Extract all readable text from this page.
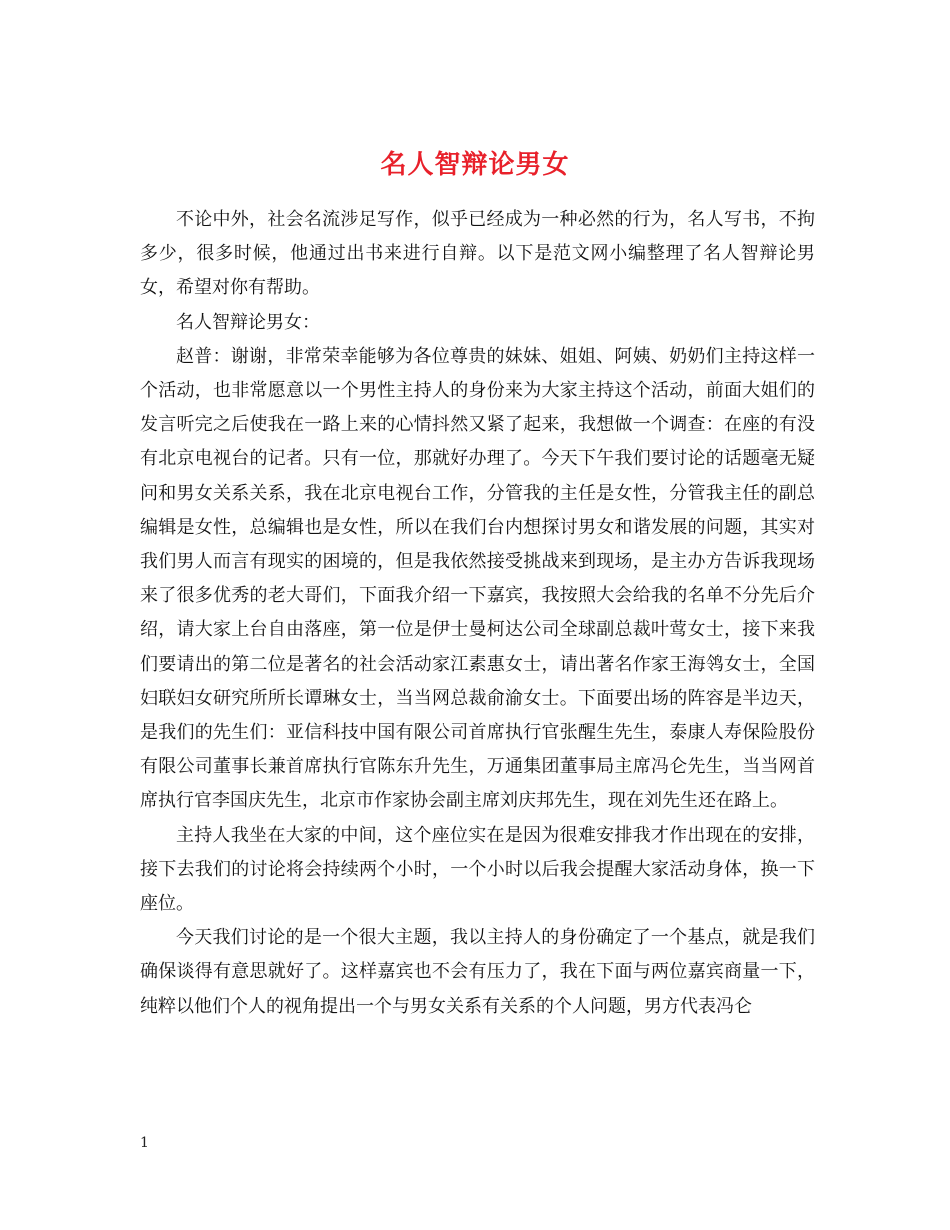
名人智辩论男女

不论中外，社会名流涉足写作，似乎已经成为一种必然的行为，名人写书，不拘多少，很多时候，他通过出书来进行自辩。以下是范文网小编整理了名人智辩论男女，希望对你有帮助。

名人智辩论男女：

赵普：谢谢，非常荣幸能够为各位尊贵的妹妹、姐姐、阿姨、奶奶们主持这样一个活动，也非常愿意以一个男性主持人的身份来为大家主持这个活动，前面大姐们的发言听完之后使我在一路上来的心情抖然又紧了起来，我想做一个调查：在座的有没有北京电视台的记者。只有一位，那就好办理了。今天下午我们要讨论的话题毫无疑问和男女关系关系，我在北京电视台工作，分管我的主任是女性，分管我主任的副总编辑是女性，总编辑也是女性，所以在我们台内想探讨男女和谐发展的问题，其实对我们男人而言有现实的困境的，但是我依然接受挑战来到现场，是主办方告诉我现场来了很多优秀的老大哥们，下面我介绍一下嘉宾，我按照大会给我的名单不分先后介绍，请大家上台自由落座，第一位是伊士曼柯达公司全球副总裁叶莺女士，接下来我们要请出的第二位是著名的社会活动家江素惠女士，请出著名作家王海鸰女士，全国妇联妇女研究所所长谭琳女士，当当网总裁俞渝女士。下面要出场的阵容是半边天，是我们的先生们：亚信科技中国有限公司首席执行官张醒生先生，泰康人寿保险股份有限公司董事长兼首席执行官陈东升先生，万通集团董事局主席冯仑先生，当当网首席执行官李国庆先生，北京市作家协会副主席刘庆邦先生，现在刘先生还在路上。

主持人我坐在大家的中间，这个座位实在是因为很难安排我才作出现在的安排，接下去我们的讨论将会持续两个小时，一个小时以后我会提醒大家活动身体，换一下座位。

今天我们讨论的是一个很大主题，我以主持人的身份确定了一个基点，就是我们确保谈得有意思就好了。这样嘉宾也不会有压力了，我在下面与两位嘉宾商量一下，纯粹以他们个人的视角提出一个与男女关系有关系的个人问题，男方代表冯仑

1
